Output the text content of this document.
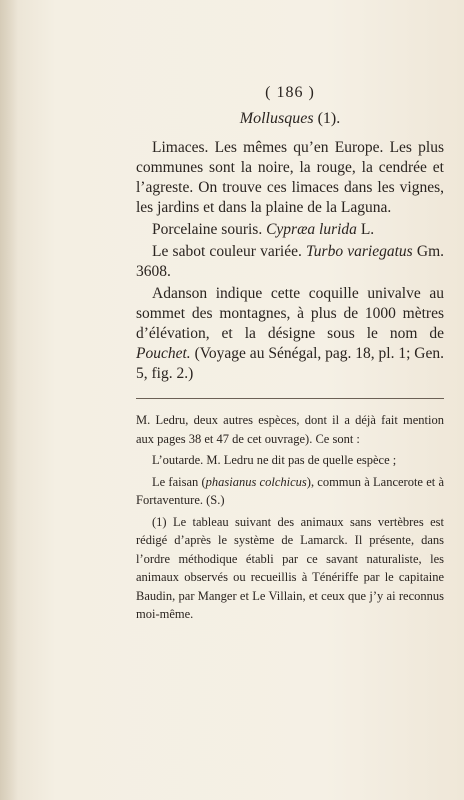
( 186 )
Mollusques (1).

Limaces. Les mêmes qu’en Europe. Les plus communes sont la noire, la rouge, la cendrée et l’agreste. On trouve ces limaces dans les vignes, les jardins et dans la plaine de la Laguna.

Porcelaine souris. Cypræa lurida L.

Le sabot couleur variée. Turbo variegatus Gm. 3608.

Adanson indique cette coquille univalve au sommet des montagnes, à plus de 1000 mètres d’élévation, et la désigne sous le nom de Pouchet. (Voyage au Sénégal, pag. 18, pl. 1; Gen. 5, fig. 2.)

M. Ledru, deux autres espèces, dont il a déjà fait mention aux pages 38 et 47 de cet ouvrage). Ce sont :

L’outarde. M. Ledru ne dit pas de quelle espèce ;

Le faisan (phasianus colchicus), commun à Lancerote et à Fortaventure. (S.)

(1) Le tableau suivant des animaux sans vertèbres est rédigé d’après le système de Lamarck. Il présente, dans l’ordre méthodique établi par ce savant naturaliste, les animaux observés ou recueillis à Ténériffe par le capitaine Baudin, par Manger et Le Villain, et ceux que j’y ai reconnus moi-même.
